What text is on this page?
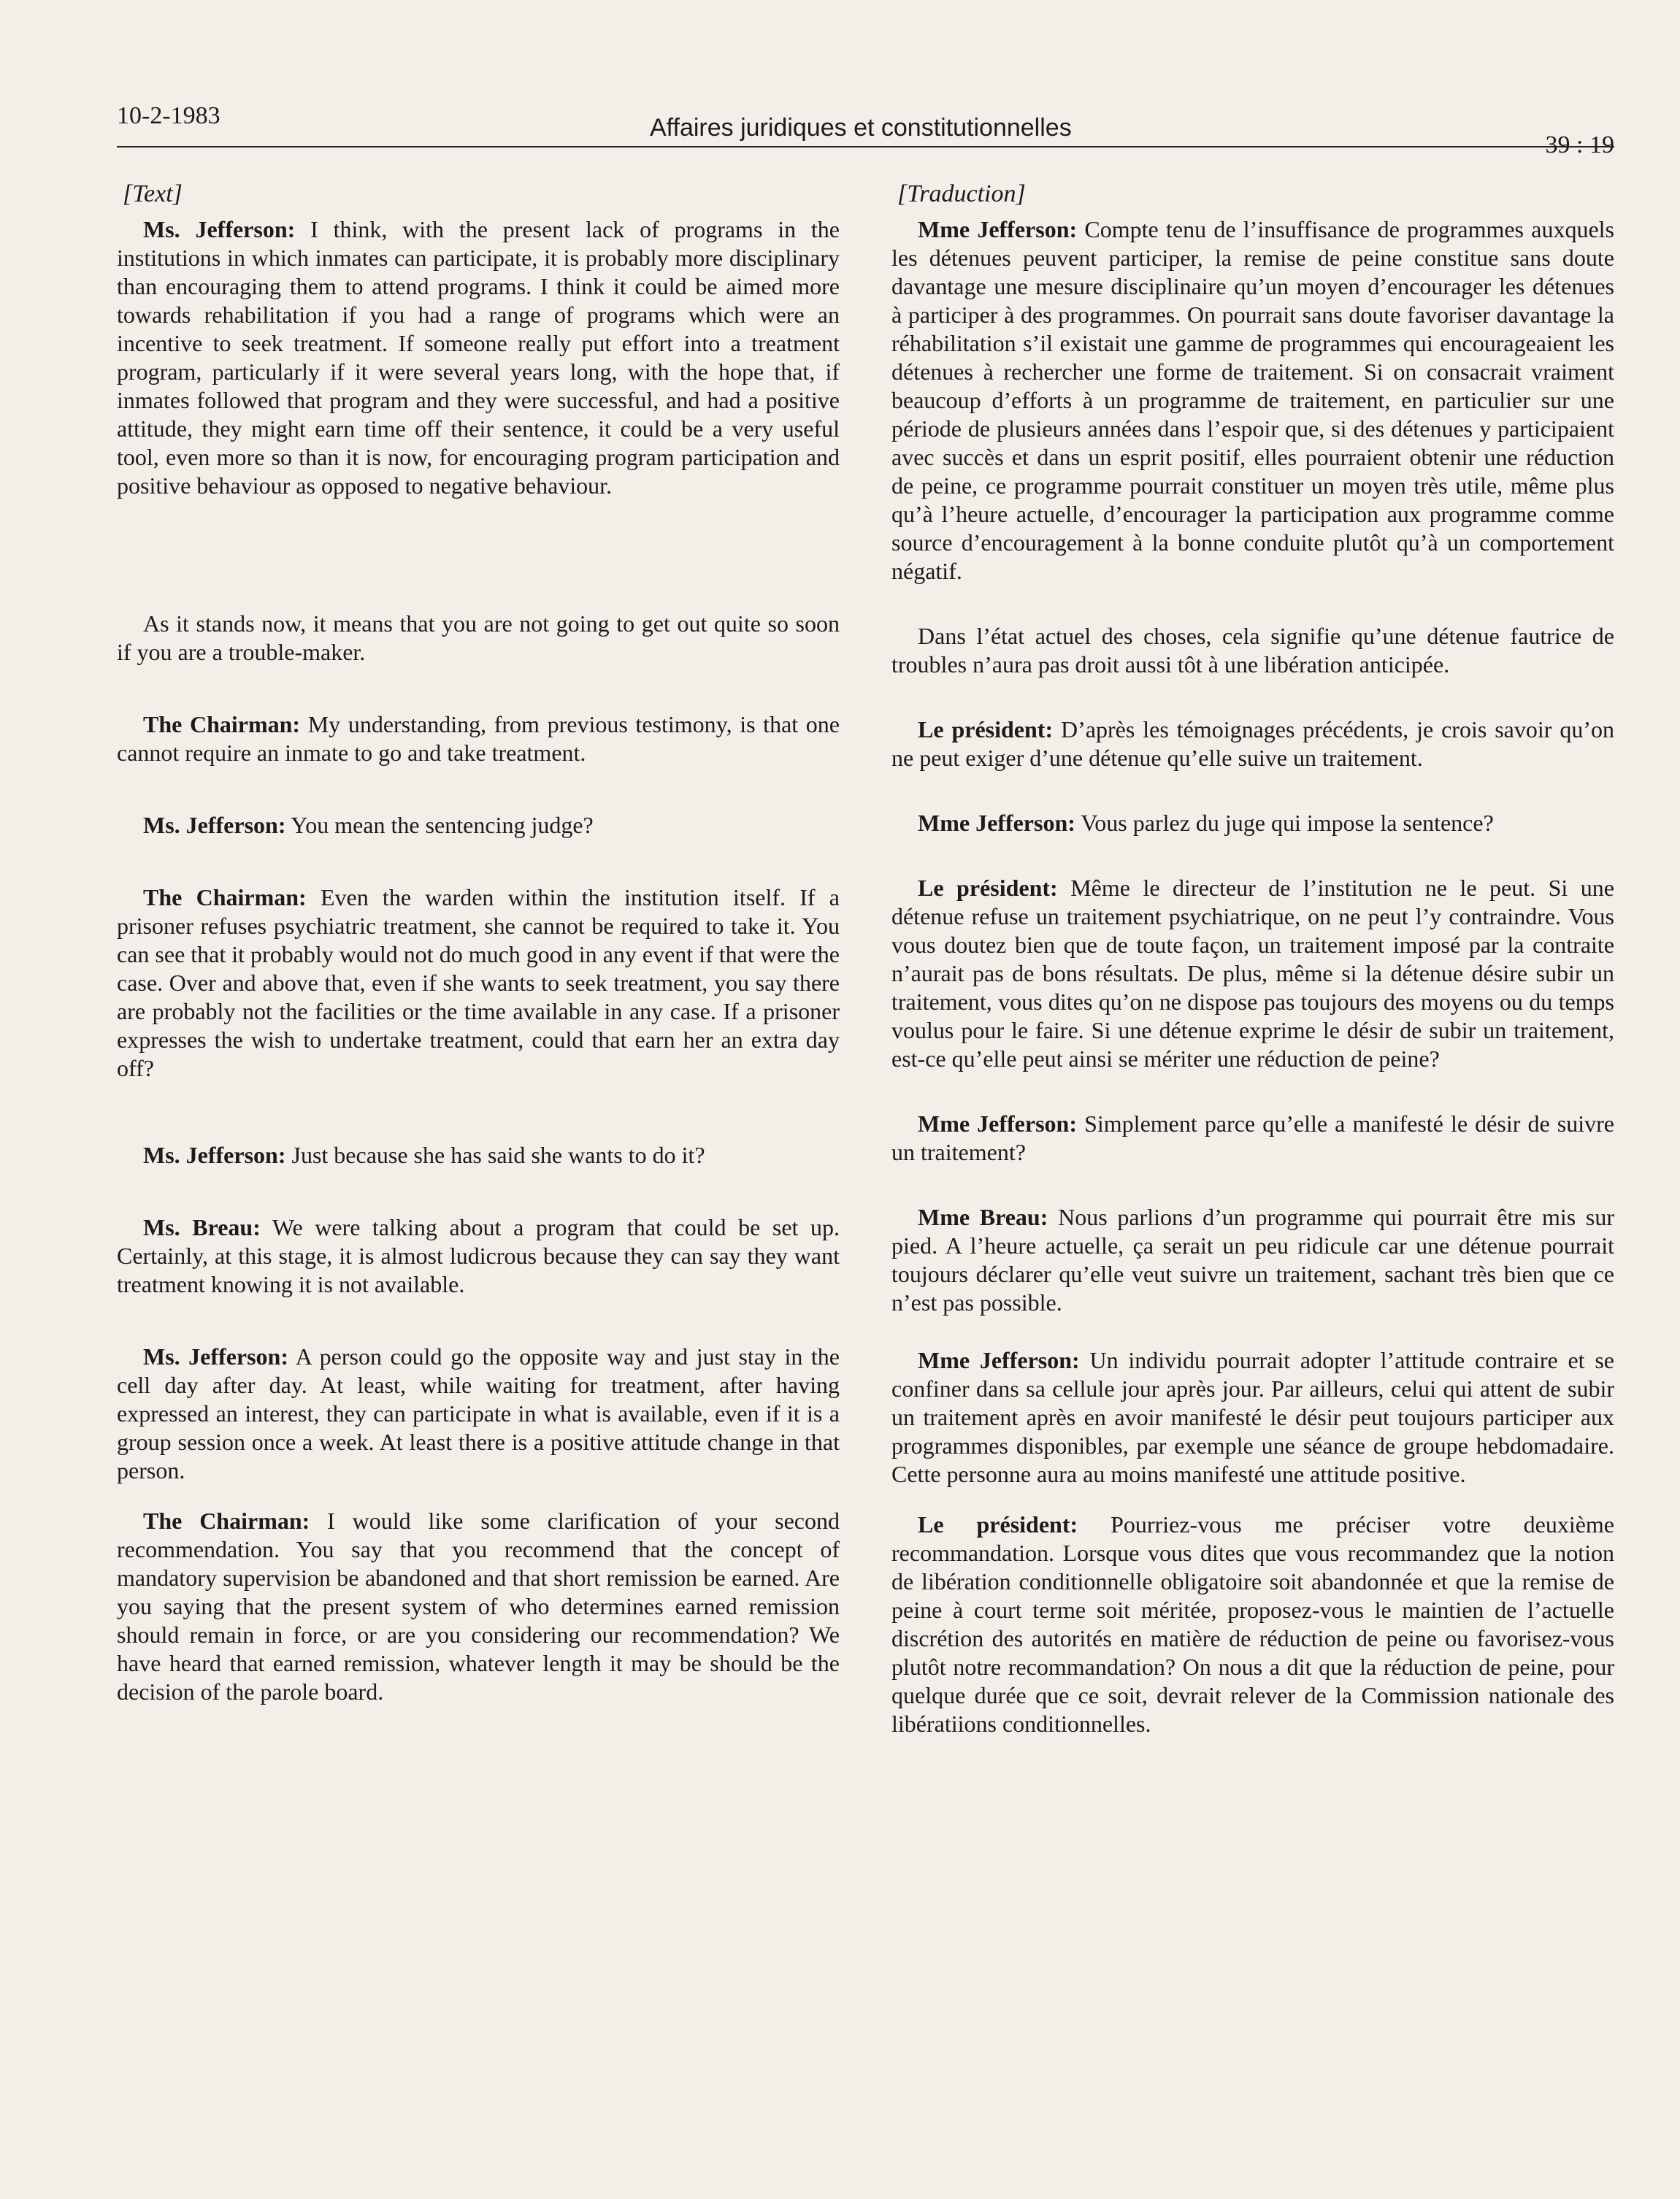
10-2-1983	Affaires juridiques et constitutionnelles
39 : 19
[Text]

Ms. Jefferson: I think, with the present lack of programs in the institutions in which inmates can participate, it is probably more disciplinary than encouraging them to attend programs. I think it could be aimed more towards rehabilitation if you had a range of programs which were an incentive to seek treatment. If someone really put effort into a treatment program, particularly if it were several years long, with the hope that, if inmates followed that program and they were successful, and had a positive attitude, they might earn time off their sentence, it could be a very useful tool, even more so than it is now, for encouraging program participation and positive behaviour as opposed to negative behaviour.

As it stands now, it means that you are not going to get out quite so soon if you are a trouble-maker.

The Chairman: My understanding, from previous testimony, is that one cannot require an inmate to go and take treatment.

Ms. Jefferson: You mean the sentencing judge?

The Chairman: Even the warden within the institution itself. If a prisoner refuses psychiatric treatment, she cannot be required to take it. You can see that it probably would not do much good in any event if that were the case. Over and above that, even if she wants to seek treatment, you say there are probably not the facilities or the time available in any case. If a prisoner expresses the wish to undertake treatment, could that earn her an extra day off?

Ms. Jefferson: Just because she has said she wants to do it?

Ms. Breau: We were talking about a program that could be set up. Certainly, at this stage, it is almost ludicrous because they can say they want treatment knowing it is not available.

Ms. Jefferson: A person could go the opposite way and just stay in the cell day after day. At least, while waiting for treatment, after having expressed an interest, they can participate in what is available, even if it is a group session once a week. At least there is a positive attitude change in that person.

The Chairman: I would like some clarification of your second recommendation. You say that you recommend that the concept of mandatory supervision be abandoned and that short remission be earned. Are you saying that the present system of who determines earned remission should remain in force, or are you considering our recommendation? We have heard that earned remission, whatever length it may be should be the decision of the parole board.

[Traduction]

Mme Jefferson: Compte tenu de l’insuffisance de programmes auxquels les détenues peuvent participer, la remise de peine constitue sans doute davantage une mesure disciplinaire qu’un moyen d’encourager les détenues à participer à des programmes. On pourrait sans doute favoriser davantage la réhabilitation s’il existait une gamme de programmes qui encourageaient les détenues à rechercher une forme de traitement. Si on consacrait vraiment beaucoup d’efforts à un programme de traitement, en particulier sur une période de plusieurs années dans l’espoir que, si des détenues y participaient avec succès et dans un esprit positif, elles pourraient obtenir une réduction de peine, ce programme pourrait constituer un moyen très utile, même plus qu’à l’heure actuelle, d’encourager la participation aux programme comme source d’encouragement à la bonne conduite plutôt qu’à un comportement négatif.

Dans l’état actuel des choses, cela signifie qu’une détenue fautrice de troubles n’aura pas droit aussi tôt à une libération anticipée.

Le président: D’après les témoignages précédents, je crois savoir qu’on ne peut exiger d’une détenue qu’elle suive un traitement.

Mme Jefferson: Vous parlez du juge qui impose la sentence?

Le président: Même le directeur de l’institution ne le peut. Si une détenue refuse un traitement psychiatrique, on ne peut l’y contraindre. Vous vous doutez bien que de toute façon, un traitement imposé par la contraite n’aurait pas de bons résultats. De plus, même si la détenue désire subir un traitement, vous dites qu’on ne dispose pas toujours des moyens ou du temps voulus pour le faire. Si une détenue exprime le désir de subir un traitement, est-ce qu’elle peut ainsi se mériter une réduction de peine?

Mme Jefferson: Simplement parce qu’elle a manifesté le désir de suivre un traitement?

Mme Breau: Nous parlions d’un programme qui pourrait être mis sur pied. A l’heure actuelle, ça serait un peu ridicule car une détenue pourrait toujours déclarer qu’elle veut suivre un traitement, sachant très bien que ce n’est pas possible.

Mme Jefferson: Un individu pourrait adopter l’attitude contraire et se confiner dans sa cellule jour après jour. Par ailleurs, celui qui attent de subir un traitement après en avoir manifesté le désir peut toujours participer aux programmes disponibles, par exemple une séance de groupe hebdomadaire. Cette personne aura au moins manifesté une attitude positive.

Le président: Pourriez-vous me préciser votre deuxième recommandation. Lorsque vous dites que vous recommandez que la notion de libération conditionnelle obligatoire soit abandonnée et que la remise de peine à court terme soit méritée, proposez-vous le maintien de l’actuelle discrétion des autorités en matière de réduction de peine ou favorisez-vous plutôt notre recommandation? On nous a dit que la réduction de peine, pour quelque durée que ce soit, devrait relever de la Commission nationale des libératiions conditionnelles.
